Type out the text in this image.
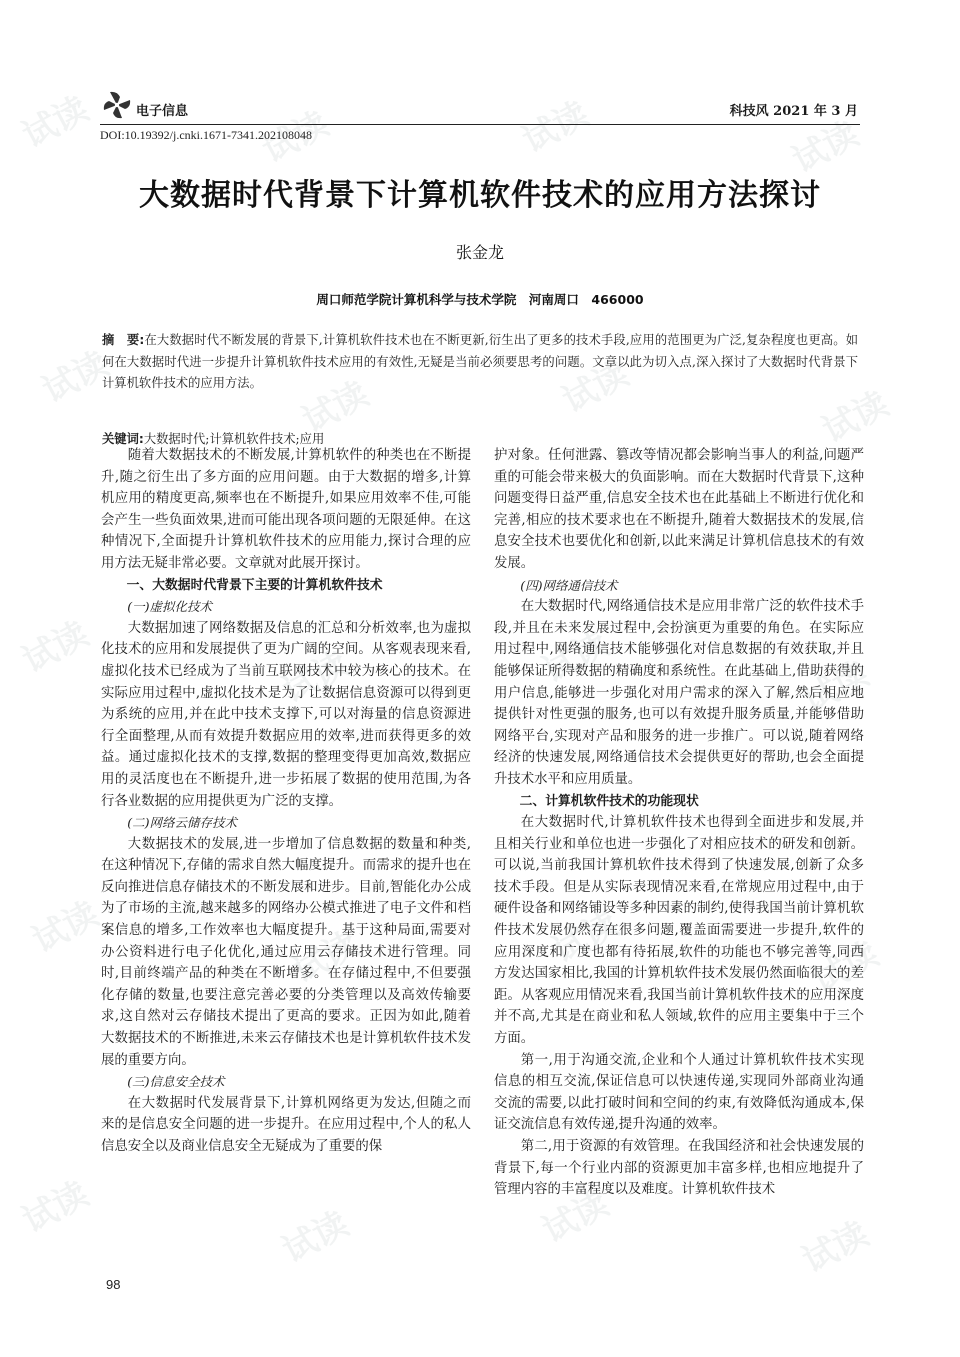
试读	试读	试读	试读
试读	试读	试读	试读
试读	试读	试读	试读
试读	试读	试读	试读
试读	试读	试读	试读
电子信息	科技风 2021 年 3 月
DOI:10.19392/j.cnki.1671-7341.202108048
大数据时代背景下计算机软件技术的应用方法探讨
张金龙
周口师范学院计算机科学与技术学院　河南周口　466000
摘　要:在大数据时代不断发展的背景下,计算机软件技术也在不断更新,衍生出了更多的技术手段,应用的范围更为广泛,复杂程度也更高。如何在大数据时代进一步提升计算机软件技术应用的有效性,无疑是当前必须要思考的问题。文章以此为切入点,深入探讨了大数据时代背景下计算机软件技术的应用方法。
关键词:大数据时代;计算机软件技术;应用

随着大数据技术的不断发展,计算机软件的种类也在不断提升,随之衍生出了多方面的应用问题。由于大数据的增多,计算机应用的精度更高,频率也在不断提升,如果应用效率不佳,可能会产生一些负面效果,进而可能出现各项问题的无限延伸。在这种情况下,全面提升计算机软件技术的应用能力,探讨合理的应用方法无疑非常必要。文章就对此展开探讨。

一、大数据时代背景下主要的计算机软件技术
(一)虚拟化技术

大数据加速了网络数据及信息的汇总和分析效率,也为虚拟化技术的应用和发展提供了更为广阔的空间。从客观表现来看,虚拟化技术已经成为了当前互联网技术中较为核心的技术。在实际应用过程中,虚拟化技术是为了让数据信息资源可以得到更为系统的应用,并在此中技术支撑下,可以对海量的信息资源进行全面整理,从而有效提升数据应用的效率,进而获得更多的效益。通过虚拟化技术的支撑,数据的整理变得更加高效,数据应用的灵活度也在不断提升,进一步拓展了数据的使用范围,为各行各业数据的应用提供更为广泛的支撑。

(二)网络云储存技术

大数据技术的发展,进一步增加了信息数据的数量和种类,在这种情况下,存储的需求自然大幅度提升。而需求的提升也在反向推进信息存储技术的不断发展和进步。目前,智能化办公成为了市场的主流,越来越多的网络办公模式推进了电子文件和档案信息的增多,工作效率也大幅度提升。基于这种局面,需要对办公资料进行电子化优化,通过应用云存储技术进行管理。同时,目前终端产品的种类在不断增多。在存储过程中,不但要强化存储的数量,也要注意完善必要的分类管理以及高效传输要求,这自然对云存储技术提出了更高的要求。正因为如此,随着大数据技术的不断推进,未来云存储技术也是计算机软件技术发展的重要方向。

(三)信息安全技术

在大数据时代发展背景下,计算机网络更为发达,但随之而来的是信息安全问题的进一步提升。在应用过程中,个人的私人信息安全以及商业信息安全无疑成为了重要的保

护对象。任何泄露、篡改等情况都会影响当事人的利益,问题严重的可能会带来极大的负面影响。而在大数据时代背景下,这种问题变得日益严重,信息安全技术也在此基础上不断进行优化和完善,相应的技术要求也在不断提升,随着大数据技术的发展,信息安全技术也要优化和创新,以此来满足计算机信息技术的有效发展。

(四)网络通信技术

在大数据时代,网络通信技术是应用非常广泛的软件技术手段,并且在未来发展过程中,会扮演更为重要的角色。在实际应用过程中,网络通信技术能够强化对信息数据的有效获取,并且能够保证所得数据的精确度和系统性。在此基础上,借助获得的用户信息,能够进一步强化对用户需求的深入了解,然后相应地提供针对性更强的服务,也可以有效提升服务质量,并能够借助网络平台,实现对产品和服务的进一步推广。可以说,随着网络经济的快速发展,网络通信技术会提供更好的帮助,也会全面提升技术水平和应用质量。

二、计算机软件技术的功能现状

在大数据时代,计算机软件技术也得到全面进步和发展,并且相关行业和单位也进一步强化了对相应技术的研发和创新。可以说,当前我国计算机软件技术得到了快速发展,创新了众多技术手段。但是从实际表现情况来看,在常规应用过程中,由于硬件设备和网络铺设等多种因素的制约,使得我国当前计算机软件技术发展仍然存在很多问题,覆盖面需要进一步提升,软件的应用深度和广度也都有待拓展,软件的功能也不够完善等,同西方发达国家相比,我国的计算机软件技术发展仍然面临很大的差距。从客观应用情况来看,我国当前计算机软件技术的应用深度并不高,尤其是在商业和私人领域,软件的应用主要集中于三个方面。

第一,用于沟通交流,企业和个人通过计算机软件技术实现信息的相互交流,保证信息可以快速传递,实现同外部商业沟通交流的需要,以此打破时间和空间的约束,有效降低沟通成本,保证交流信息有效传递,提升沟通的效率。

第二,用于资源的有效管理。在我国经济和社会快速发展的背景下,每一个行业内部的资源更加丰富多样,也相应地提升了管理内容的丰富程度以及难度。计算机软件技术

98
